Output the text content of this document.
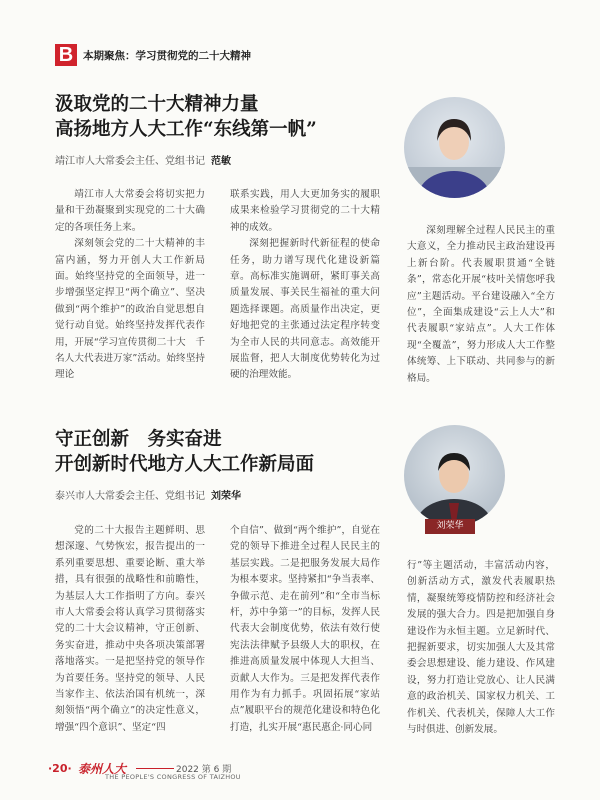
B 本期聚焦：学习贯彻党的二十大精神
汲取党的二十大精神力量
高扬地方人大工作“东线第一帆”
靖江市人大常委会主任、党组书记 范敏

靖江市人大常委会将切实把力量和干劲凝聚到实现党的二十大确定的各项任务上来。

深刻领会党的二十大精神的丰富内涵，努力开创人大工作新局面。始终坚持党的全面领导，进一步增强坚定捍卫“两个确立”、坚决做到“两个维护”的政治自觉思想自觉行动自觉。始终坚持发挥代表作用，开展“学习宣传贯彻二十大　千名人大代表进万家”活动。始终坚持理论

联系实践，用人大更加务实的履职成果来检验学习贯彻党的二十大精神的成效。

深刻把握新时代新征程的使命任务，助力谱写现代化建设新篇章。高标准实施调研，紧盯事关高质量发展、事关民生福祉的重大问题选择课题。高质量作出决定，更好地把党的主张通过法定程序转变为全市人民的共同意志。高效能开展监督，把人大制度优势转化为过硬的治理效能。

深刻理解全过程人民民主的重大意义，全力推动民主政治建设再上新台阶。代表履职贯通“全链条”，常态化开展“枝叶关情您呼我应”主题活动。平台建设融入“全方位”，全面集成建设“云上人大”和代表履职“家站点”。人大工作体现“全覆盖”，努力形成人大工作整体统筹、上下联动、共同参与的新格局。

守正创新　务实奋进
开创新时代地方人大工作新局面
泰兴市人大常委会主任、党组书记 刘荣华
刘荣华

党的二十大报告主题鲜明、思想深邃、气势恢宏，报告提出的一系列重要思想、重要论断、重大举措，具有很强的战略性和前瞻性，为基层人大工作指明了方向。泰兴市人大常委会将认真学习贯彻落实党的二十大会议精神，守正创新、务实奋进，推动中央各项决策部署落地落实。一是把坚持党的领导作为首要任务。坚持党的领导、人民当家作主、依法治国有机统一，深刻领悟“两个确立”的决定性意义，增强“四个意识”、坚定“四

个自信”、做到“两个维护”，自觉在党的领导下推进全过程人民民主的基层实践。二是把服务发展大局作为根本要求。坚持紧扣“争当表率、争做示范、走在前列”和“全市当标杆，苏中争第一”的目标，发挥人民代表大会制度优势，依法有效行使宪法法律赋予县级人大的职权，在推进高质量发展中体现人大担当、贡献人大作为。三是把发挥代表作用作为有力抓手。巩固拓展“家站点”履职平台的规范化建设和特色化打造，扎实开展“惠民惠企·同心同

行”等主题活动，丰富活动内容，创新活动方式，激发代表履职热情，凝聚统筹疫情防控和经济社会发展的强大合力。四是把加强自身建设作为永恒主题。立足新时代、把握新要求，切实加强人大及其常委会思想建设、能力建设、作风建设，努力打造让党放心、让人民满意的政治机关、国家权力机关、工作机关、代表机关，保障人大工作与时俱进、创新发展。

·20· 泰州人大	2022 第 6 期
THE PEOPLE'S CONGRESS OF TAIZHOU
